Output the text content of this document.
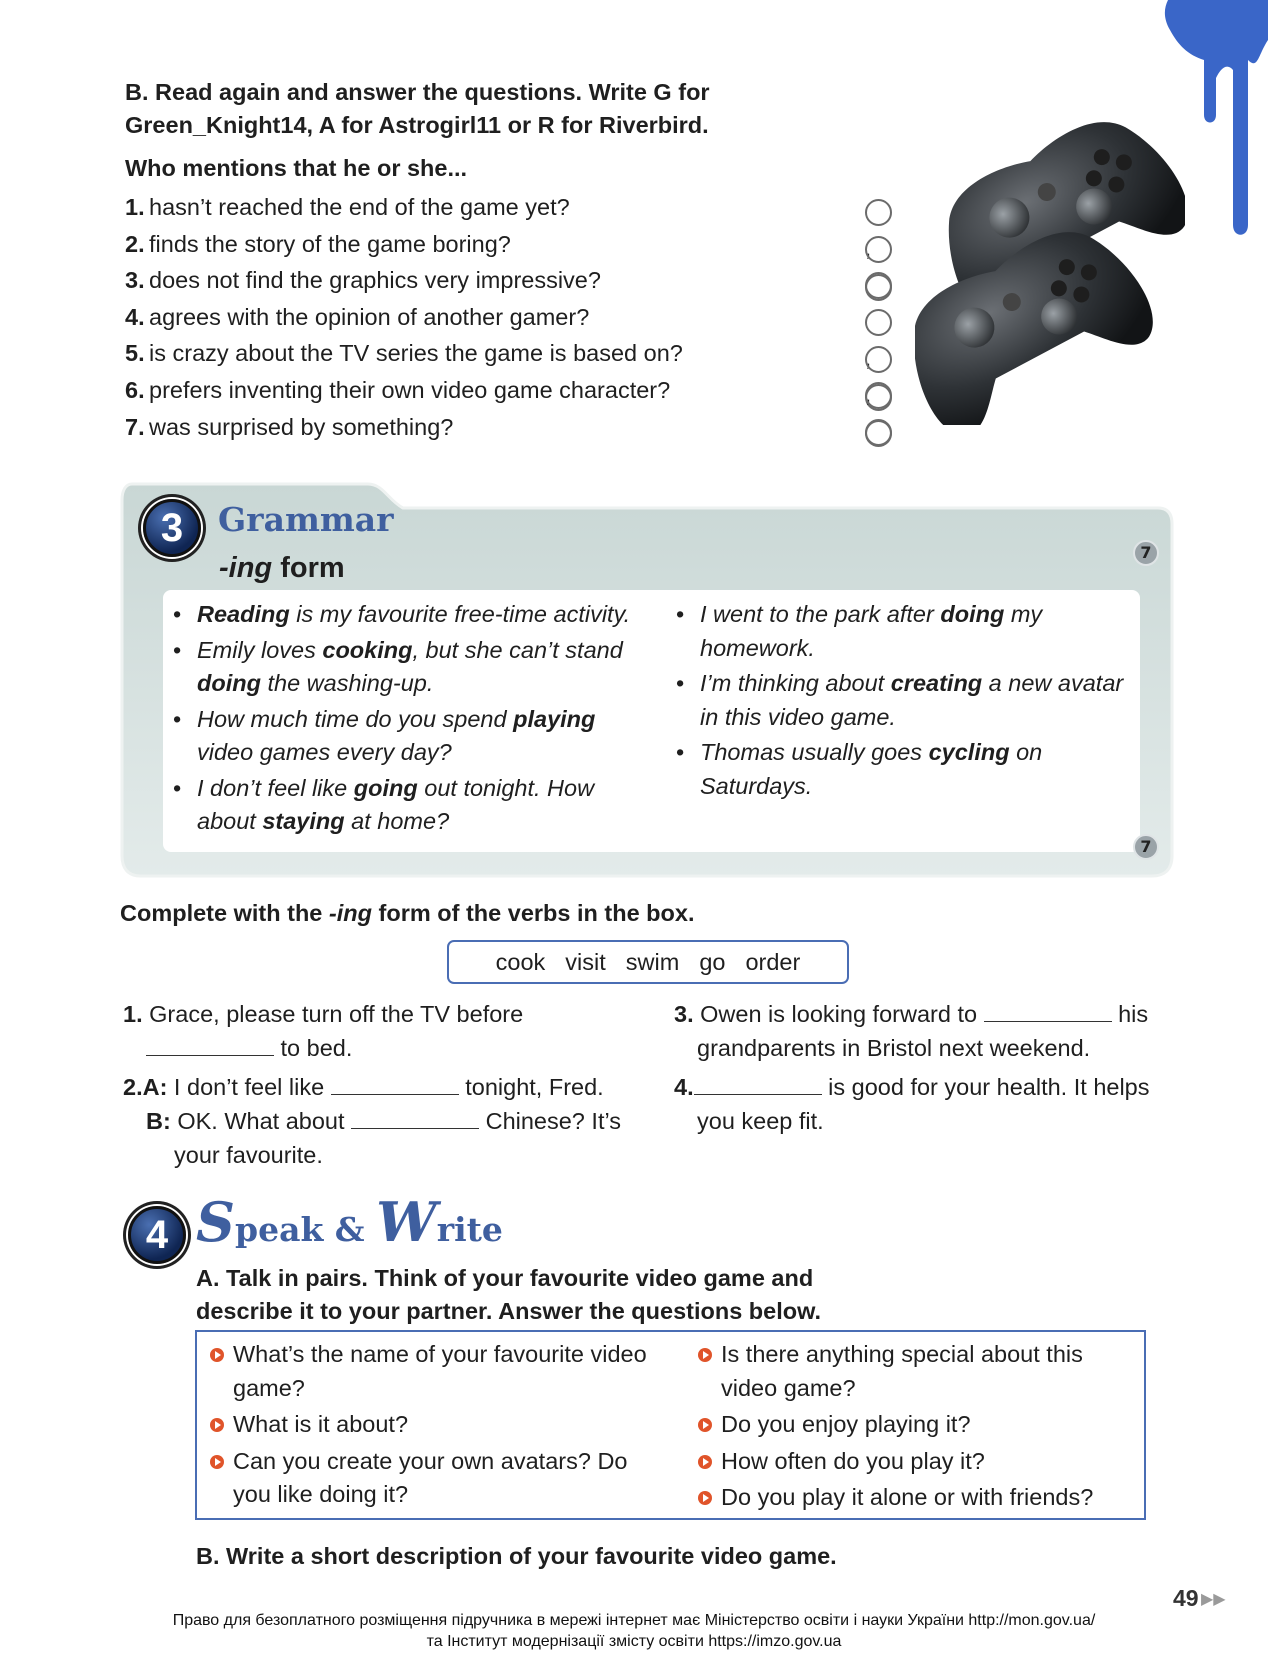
B. Read again and answer the questions. Write G for Green_Knight14, A for Astrogirl11 or R for Riverbird.
Who mentions that he or she...
1. hasn’t reached the end of the game yet?
,
2. finds the story of the game boring?
3. does not find the graphics very impressive?
4. agrees with the opinion of another gamer?
,
5. is crazy about the TV series the game is based on?
,
6. prefers inventing their own video game character?
7. was surprised by something?
3	Grammar
-ing form	7
• Reading is my favourite free-time activity.
• Emily loves cooking, but she can’t stand doing the washing-up.
• How much time do you spend playing video games every day?
• I don’t feel like going out tonight. How about staying at home?
• I went to the park after doing my homework.
• I’m thinking about creating a new avatar in this video game.
• Thomas usually goes cycling on Saturdays.
7
Complete with the -ing form of the verbs in the box.
cook visit swim go order
1. Grace, please turn off the TV before
to bed.
2.A: I don’t feel like	tonight, Fred.
B: OK. What about	Chinese? It’s
your favourite.
3. Owen is looking forward to	his
grandparents in Bristol next weekend.
4.	is good for your health. It helps
you keep fit.
4 Speak & Write
A. Talk in pairs. Think of your favourite video game and describe it to your partner. Answer the questions below.
What’s the name of your favourite video game?
What is it about?
Can you create your own avatars? Do you like doing it?
Is there anything special about this video game?
Do you enjoy playing it?
How often do you play it?
Do you play it alone or with friends?
B. Write a short description of your favourite video game.
49 ▶▶
Право для безоплатного розміщення підручника в мережі інтернет має Міністерство освіти і науки України http://mon.gov.ua/
та Інститут модернізації змісту освіти https://imzo.gov.ua
